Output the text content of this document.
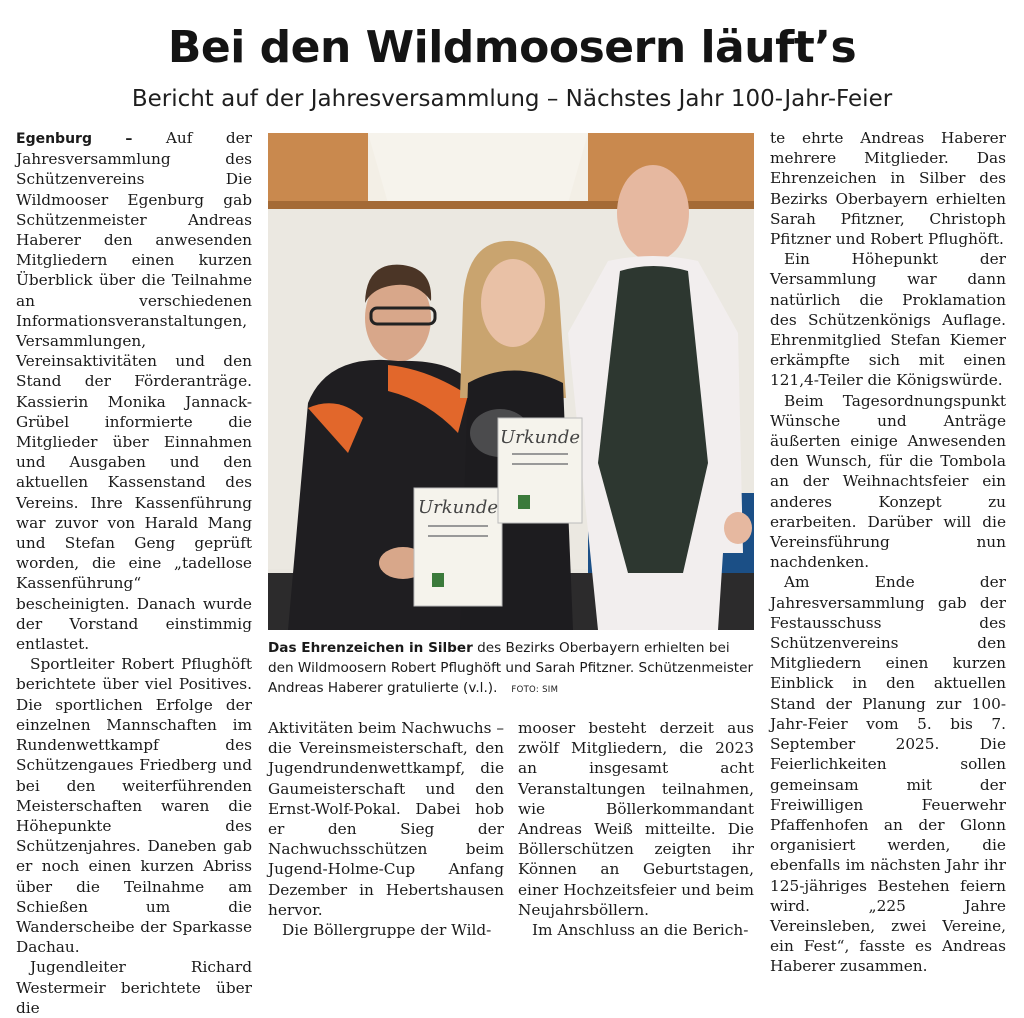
Bei den Wildmoosern läuft’s
Bericht auf der Jahresversammlung – Nächstes Jahr 100-Jahr-Feier

Egenburg – Auf der Jahresversammlung des Schützenvereins Die Wildmooser Egenburg gab Schützenmeister Andreas Haberer den anwesenden Mitgliedern einen kurzen Überblick über die Teilnahme an verschiedenen Informationsveranstaltungen, Versammlungen, Vereinsaktivitäten und den Stand der Förderanträge. Kassierin Monika Jannack-Grübel informierte die Mitglieder über Einnahmen und Ausgaben und den aktuellen Kassenstand des Vereins. Ihre Kassenführung war zuvor von Harald Mang und Stefan Geng geprüft worden, die eine „tadellose Kassenführung“ bescheinigten. Danach wurde der Vorstand einstimmig entlastet.

Sportleiter Robert Pflughöft berichtete über viel Positives. Die sportlichen Erfolge der einzelnen Mannschaften im Rundenwettkampf des Schützengaues Friedberg und bei den weiterführenden Meisterschaften waren die Höhepunkte des Schützenjahres. Daneben gab er noch einen kurzen Abriss über die Teilnahme am Schießen um die Wanderscheibe der Sparkasse Dachau.

Jugendleiter Richard Westermeir berichtete über die

Urkunde
Urkunde

Das Ehrenzeichen in Silber des Bezirks Oberbayern erhielten bei den Wildmoosern Robert Pflughöft und Sarah Pfitzner. Schützenmeister Andreas Haberer gratulierte (v.l.). FOTO: SIM

Aktivitäten beim Nachwuchs – die Vereinsmeisterschaft, den Jugendrundenwettkampf, die Gaumeisterschaft und den Ernst-Wolf-Pokal. Dabei hob er den Sieg der Nachwuchsschützen beim Jugend-Holme-Cup Anfang Dezember in Hebertshausen hervor.

Die Böllergruppe der Wild-

mooser besteht derzeit aus zwölf Mitgliedern, die 2023 an insgesamt acht Veranstaltungen teilnahmen, wie Böllerkommandant Andreas Weiß mitteilte. Die Böllerschützen zeigten ihr Können an Geburtstagen, einer Hochzeitsfeier und beim Neujahrsböllern.

Im Anschluss an die Berich-

te ehrte Andreas Haberer mehrere Mitglieder. Das Ehrenzeichen in Silber des Bezirks Oberbayern erhielten Sarah Pfitzner, Christoph Pfitzner und Robert Pflughöft.

Ein Höhepunkt der Versammlung war dann natürlich die Proklamation des Schützenkönigs Auflage. Ehrenmitglied Stefan Kiemer erkämpfte sich mit einen 121,4-Teiler die Königswürde.

Beim Tagesordnungspunkt Wünsche und Anträge äußerten einige Anwesenden den Wunsch, für die Tombola an der Weihnachtsfeier ein anderes Konzept zu erarbeiten. Darüber will die Vereinsführung nun nachdenken.

Am Ende der Jahresversammlung gab der Festausschuss des Schützenvereins den Mitgliedern einen kurzen Einblick in den aktuellen Stand der Planung zur 100-Jahr-Feier vom 5. bis 7. September 2025. Die Feierlichkeiten sollen gemeinsam mit der Freiwilligen Feuerwehr Pfaffenhofen an der Glonn organisiert werden, die ebenfalls im nächsten Jahr ihr 125-jähriges Bestehen feiern wird. „225 Jahre Vereinsleben, zwei Vereine, ein Fest“, fasste es Andreas Haberer zusammen.
